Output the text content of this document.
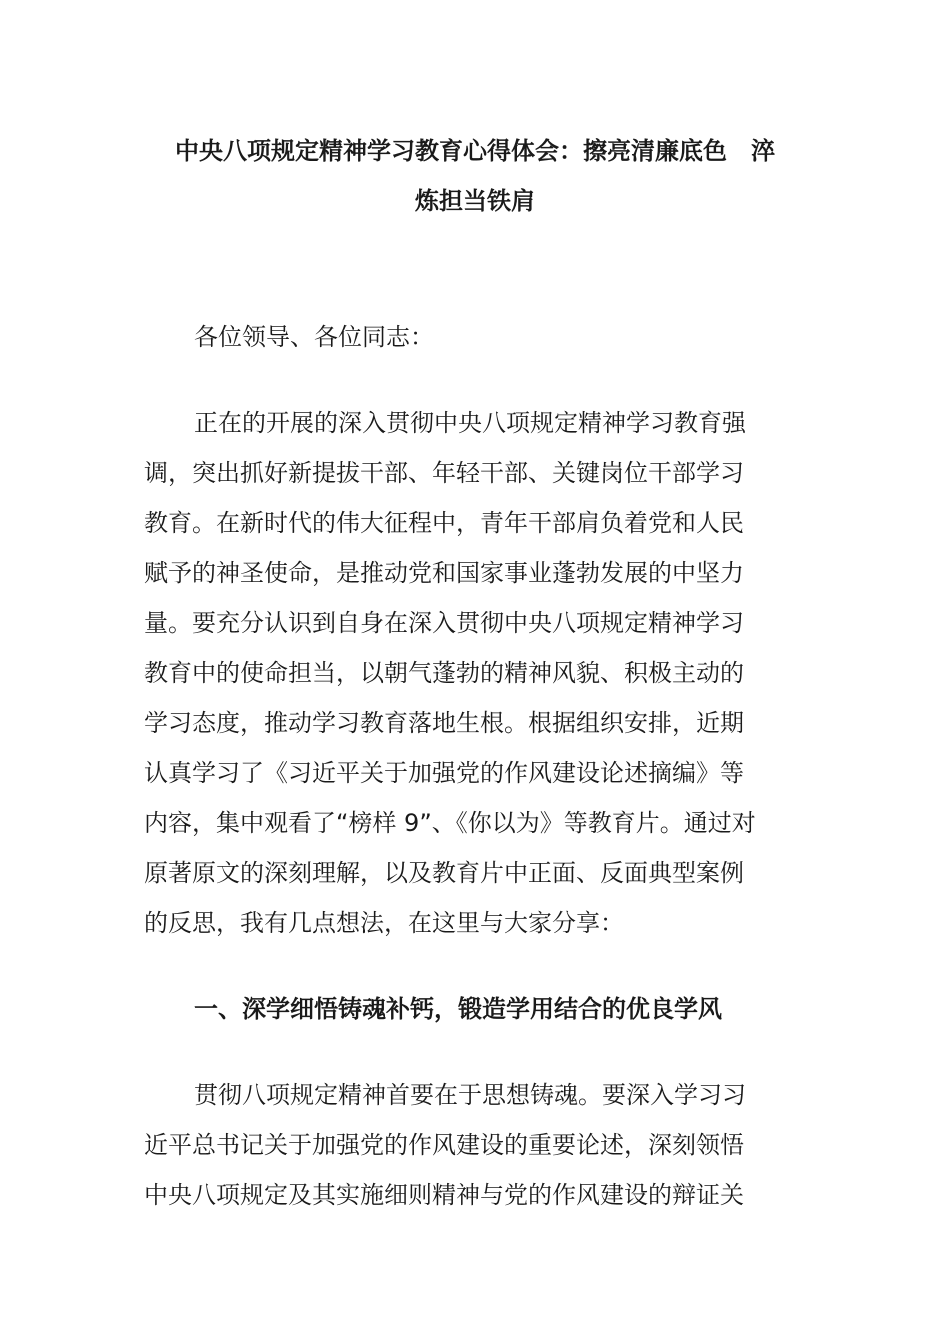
中央八项规定精神学习教育心得体会：擦亮清廉底色　淬
炼担当铁肩

各位领导、各位同志：

正在的开展的深入贯彻中央八项规定精神学习教育强
调，突出抓好新提拔干部、年轻干部、关键岗位干部学习
教育。在新时代的伟大征程中，青年干部肩负着党和人民
赋予的神圣使命，是推动党和国家事业蓬勃发展的中坚力
量。要充分认识到自身在深入贯彻中央八项规定精神学习
教育中的使命担当，以朝气蓬勃的精神风貌、积极主动的
学习态度，推动学习教育落地生根。根据组织安排，近期
认真学习了《习近平关于加强党的作风建设论述摘编》等
内容，集中观看了“榜样 9”、《你以为》等教育片。通过对
原著原文的深刻理解，以及教育片中正面、反面典型案例
的反思，我有几点想法，在这里与大家分享：

一、深学细悟铸魂补钙，锻造学用结合的优良学风

贯彻八项规定精神首要在于思想铸魂。要深入学习习
近平总书记关于加强党的作风建设的重要论述，深刻领悟
中央八项规定及其实施细则精神与党的作风建设的辩证关
